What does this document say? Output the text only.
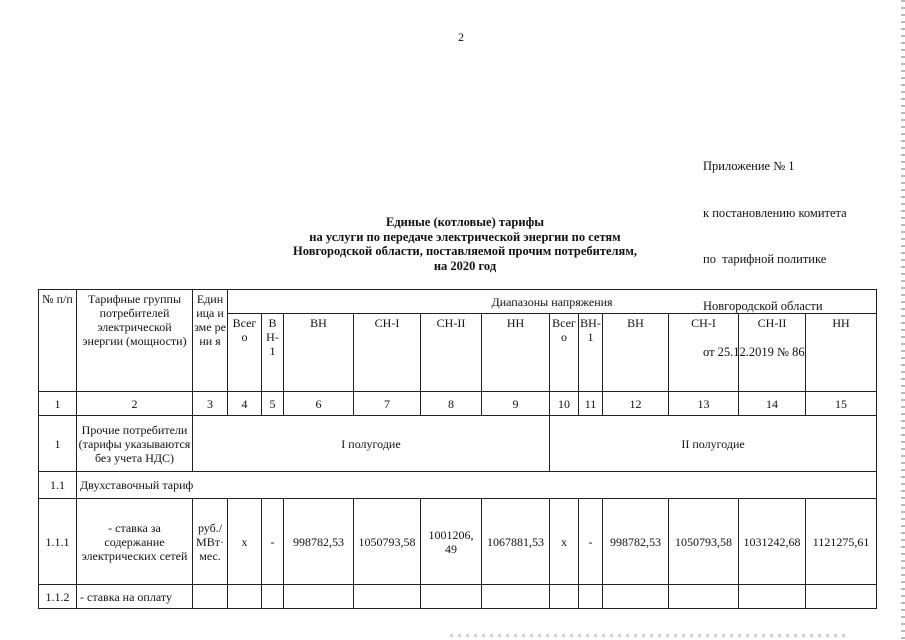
2

Приложение № 1

к постановлению комитета

по  тарифной политике

Новгородской области

от 25.12.2019 № 86

Единые (котловые) тарифы
на услуги по передаче электрической энергии по сетям
Новгородской области, поставляемой прочим потребителям,
на 2020 год
№ п/п	Тарифные группы потребителей электрической энергии (мощности)	Един ица изме рени я	Диапазоны напряжения											
			Всег о	В Н- 1	ВН	СН-I	СН-II	НН	Всег о	ВН- 1	ВН	СН-I	СН-II	НН
1	2	3	4	5	6	7	8	9	10	11	12	13	14	15
1	Прочие потребители (тарифы указываются без учета НДС)	I полугодие							II полугодие					
1.1	Двухставочный тариф													
1.1.1	- ставка за содержание электрических сетей	руб./ МВт· мес.	х	-	998782,53	1050793,58	1001206, 49	1067881,53	х	-	998782,53	1050793,58	1031242,68	1121275,61
1.1.2	- ставка на оплату													
